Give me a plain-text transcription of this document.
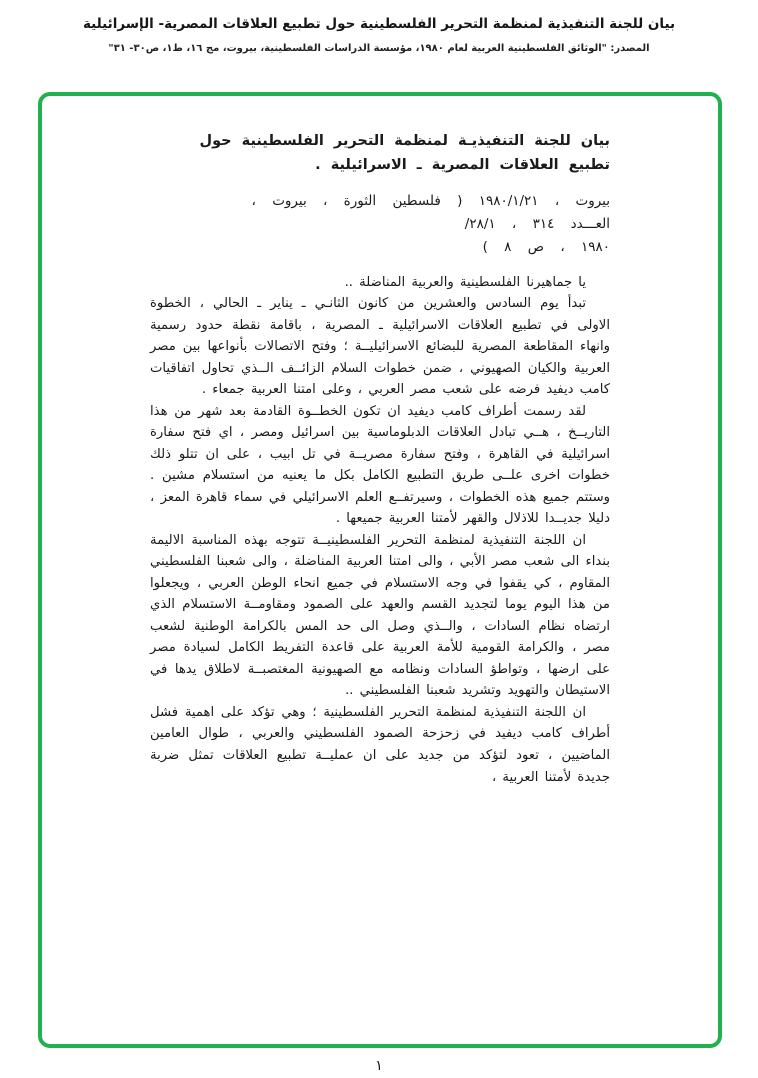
بيان للجنة التنفيذية لمنظمة التحرير الفلسطينية حول تطبيع العلاقات المصرية- الإسرائيلية
المصدر: "الوثائق الفلسطينية العربية لعام ١٩٨٠، مؤسسة الدراسات الفلسطينية، بيروت، مج ١٦، ط١، ص٣٠- ٣١"
بيان للجنة التنفيذيـة لمنظمة التحرير الفلسطينية حول
تطبيع العلاقات المصرية ـ الاسرائيلية .
بيروت ، ١٩٨٠/١/٢١ ( فلسطين الثورة ، بيروت ،
العـــدد ٣١٤ ، ٢٨/١/
١٩٨٠ ، ص ٨ )

يا جماهيرنا الفلسطينية والعربية المناضلة ..

تبدأ يوم السادس والعشرين من كانون الثانـي ـ يناير ـ الحالي ، الخطوة الاولى في تطبيع العلاقات الاسرائيلية ـ المصرية ، باقامة نقطة حدود رسمية وانهاء المقاطعة المصرية للبضائع الاسرائيليــة ؛ وفتح الاتصالات بأنواعها بين مصر العربية والكيان الصهيوني ، ضمن خطوات السلام الزائــف الــذي تحاول اتفاقيات كامب ديفيد فرضه على شعب مصر العربي ، وعلى امتنا العربية جمعاء .

لقد رسمت أطراف كامب ديفيد ان تكون الخطــوة القادمة بعد شهر من هذا التاريــخ ، هــي تبادل العلاقات الدبلوماسية بين اسرائيل ومصر ، اي فتح سفارة اسرائيلية في القاهرة ، وفتح سفارة مصريــة في تل ابيب ، على ان تتلو ذلك خطوات اخرى علــى طريق التطبيع الكامل بكل ما يعنيه من استسلام مشين . وستتم جميع هذه الخطوات ، وسيرتفــع العلم الاسرائيلي في سماء قاهرة المعز ، دليلا جديــدا للاذلال والقهر لأمتنا العربية جميعها .

ان اللجنة التنفيذية لمنظمة التحرير الفلسطينيــة تتوجه بهذه المناسبة الاليمة بنداء الى شعب مصر الأبي ، والى امتنا العربية المناضلة ، والى شعبنا الفلسطيني المقاوم ، كي يقفوا في وجه الاستسلام في جميع انحاء الوطن العربي ، ويجعلوا من هذا اليوم يوما لتجديد القسم والعهد على الصمود ومقاومــة الاستسلام الذي ارتضاه نظام السادات ، والــذي وصل الى حد المس بالكرامة الوطنية لشعب مصر ، والكرامة القومية للأمة العربية على قاعدة التفريط الكامل لسيادة مصر على ارضها ، وتواطؤ السادات ونظامه مع الصهيونية المغتصبــة لاطلاق يدها في الاستيطان والتهويد وتشريد شعبنا الفلسطيني ..

ان اللجنة التنفيذية لمنظمة التحرير الفلسطينية ؛ وهي تؤكد على اهمية فشل أطراف كامب ديفيد في زحزحة الصمود الفلسطيني والعربي ، طوال العامين الماضيين ، تعود لتؤكد من جديد على ان عمليــة تطبيع العلاقات تمثل ضربة جديدة لأمتنا العربية ،

١
